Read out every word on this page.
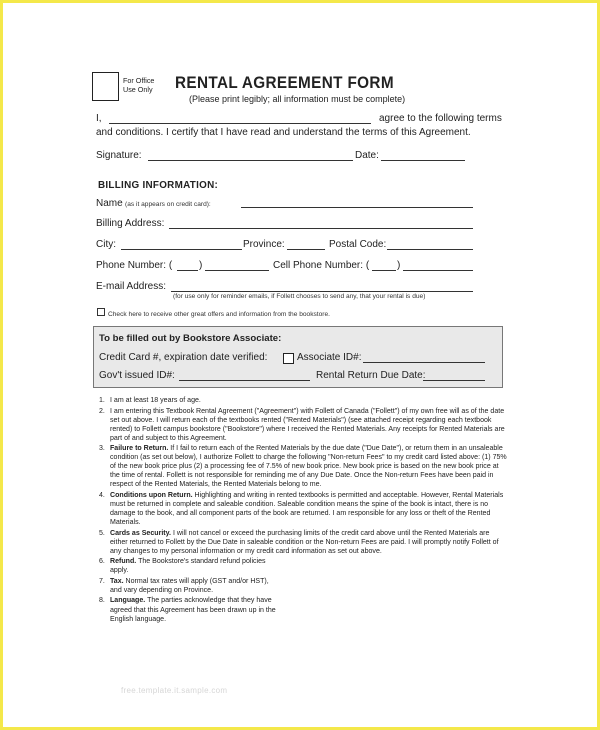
For Office
Use Only RENTAL AGREEMENT FORM
(Please print legibly; all information must be complete)
I,	agree to the following terms
and conditions. I certify that I have read and understand the terms of this Agreement.
Signature:	Date:
BILLING INFORMATION:
Name (as it appears on credit card):
Billing Address:
City:	Province:	Postal Code:
Phone Number: (	)	Cell Phone Number: (	)
E-mail Address:
(for use only for reminder emails, if Follett chooses to send any, that your rental is due)
Check here to receive other great offers and information from the bookstore.
To be filled out by Bookstore Associate:
Credit Card #, expiration date verified:	Associate ID#:
Gov't issued ID#:	Rental Return Due Date:
1. I am at least 18 years of age.
2. I am entering this Textbook Rental Agreement ("Agreement") with Follett of Canada ("Follett") of my own free will as of the date set out above. I will return each of the textbooks rented ("Rented Materials") (see attached receipt regarding each textbook rented) to Follett campus bookstore ("Bookstore") where I received the Rented Materials. Any receipts for Rented Materials are part of and subject to this Agreement.
3. Failure to Return. If I fail to return each of the Rented Materials by the due date ("Due Date"), or return them in an unsaleable condition (as set out below), I authorize Follett to charge the following "Non-return Fees" to my credit card listed above: (1) 75% of the new book price plus (2) a processing fee of 7.5% of new book price. New book price is based on the new book price at the time of rental. Follett is not responsible for reminding me of any Due Date. Once the Non-return Fees have been paid in respect of the Rented Materials, the Rented Materials belong to me.
4. Conditions upon Return. Highlighting and writing in rented textbooks is permitted and acceptable. However, Rental Materials must be returned in complete and saleable condition. Saleable condition means the spine of the book is intact, there is no damage to the book, and all component parts of the book are returned. I am responsible for any loss or theft of the Rented Materials.
5. Cards as Security. I will not cancel or exceed the purchasing limits of the credit card above until the Rented Materials are either returned to Follett by the Due Date in saleable condition or the Non-return Fees are paid. I will promptly notify Follett of any changes to my personal information or my credit card information as set out above.
6. Refund. The Bookstore's standard refund policies apply.
7. Tax. Normal tax rates will apply (GST and/or HST), and vary depending on Province.
8. Language. The parties acknowledge that they have agreed that this Agreement has been drawn up in the English language.
free.template.it.sample.com
